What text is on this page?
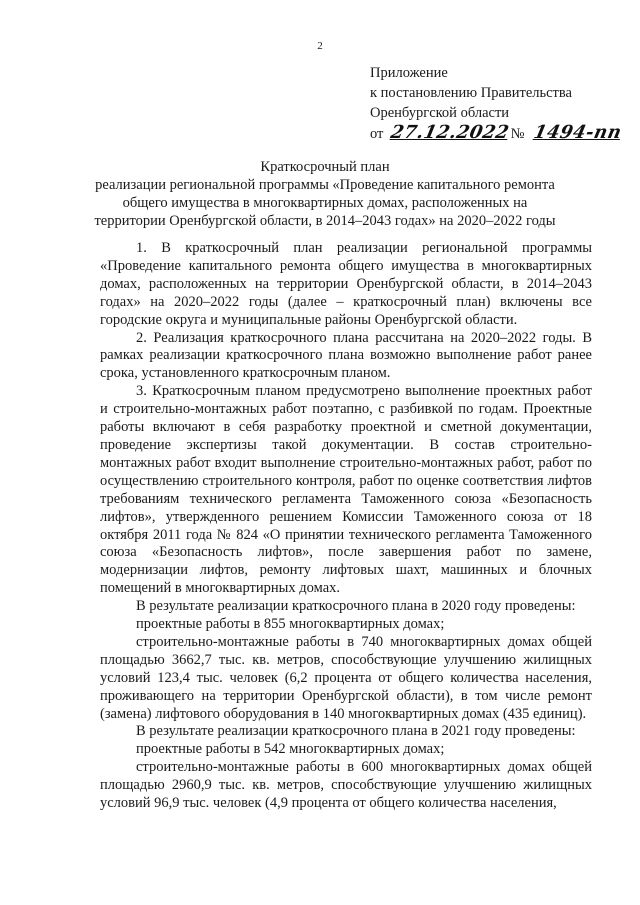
2
Приложение
к постановлению Правительства
Оренбургской области
от 27.12.2022 № 1494-пп
Краткосрочный план
реализации региональной программы «Проведение капитального ремонта
общего имущества в многоквартирных домах, расположенных на
территории Оренбургской области, в 2014–2043 годах» на 2020–2022 годы

1. В краткосрочный план реализации региональной программы «Проведение капитального ремонта общего имущества в многоквартирных домах, расположенных на территории Оренбургской области, в 2014–2043 годах» на 2020–2022 годы (далее – краткосрочный план) включены все городские округа и муниципальные районы Оренбургской области.

2. Реализация краткосрочного плана рассчитана на 2020–2022 годы. В рамках реализации краткосрочного плана возможно выполнение работ ранее срока, установленного краткосрочным планом.

3. Краткосрочным планом предусмотрено выполнение проектных работ и строительно-монтажных работ поэтапно, с разбивкой по годам. Проектные работы включают в себя разработку проектной и сметной документации, проведение экспертизы такой документации. В состав строительно-монтажных работ входит выполнение строительно-монтажных работ, работ по осуществлению строительного контроля, работ по оценке соответствия лифтов требованиям технического регламента Таможенного союза «Безопасность лифтов», утвержденного решением Комиссии Таможенного союза от 18 октября 2011 года № 824 «О принятии технического регламента Таможенного союза «Безопасность лифтов», после завершения работ по замене, модернизации лифтов, ремонту лифтовых шахт, машинных и блочных помещений в многоквартирных домах.

В результате реализации краткосрочного плана в 2020 году проведены:

проектные работы в 855 многоквартирных домах;

строительно-монтажные работы в 740 многоквартирных домах общей площадью 3662,7 тыс. кв. метров, способствующие улучшению жилищных условий 123,4 тыс. человек (6,2 процента от общего количества населения, проживающего на территории Оренбургской области), в том числе ремонт (замена) лифтового оборудования в 140 многоквартирных домах (435 единиц).

В результате реализации краткосрочного плана в 2021 году проведены:

проектные работы в 542 многоквартирных домах;

строительно-монтажные работы в 600 многоквартирных домах общей площадью 2960,9 тыс. кв. метров, способствующие улучшению жилищных условий 96,9 тыс. человек (4,9 процента от общего количества населения,
